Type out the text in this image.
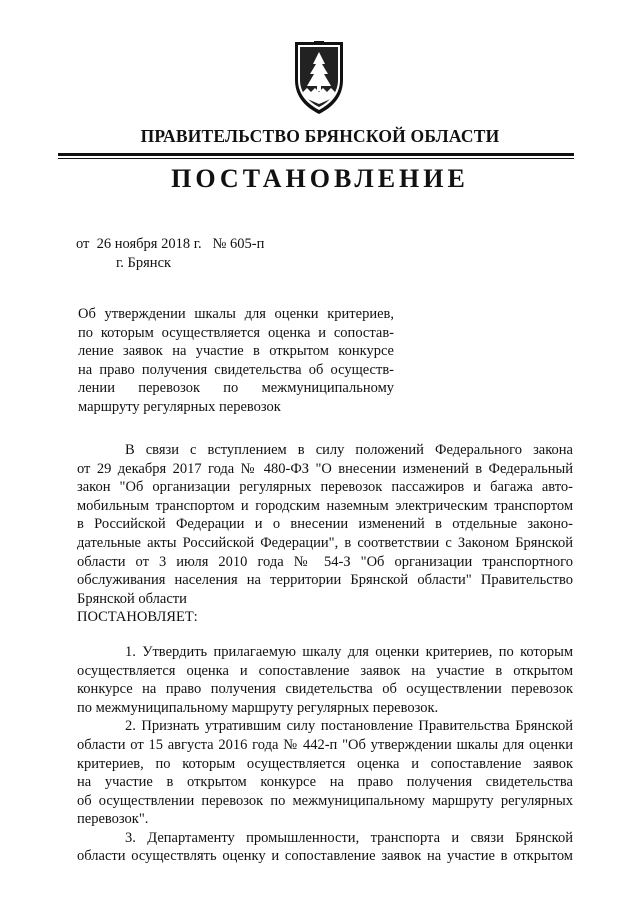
ПРАВИТЕЛЬСТВО БРЯНСКОЙ ОБЛАСТИ
ПОСТАНОВЛЕНИЕ
от 26 ноября 2018 г. № 605-п
г. Брянск
Об утверждении шкалы для оценки критериев,
по которым осуществляется оценка и сопостав-
ление заявок на участие в открытом конкурсе
на право получения свидетельства об осуществ-
лении перевозок по межмуниципальному
маршруту регулярных перевозок
В связи с вступлением в силу положений Федерального закона
от 29 декабря 2017 года № 480-ФЗ "О внесении изменений в Федеральный
закон "Об организации регулярных перевозок пассажиров и багажа авто-
мобильным транспортом и городским наземным электрическим транспортом
в Российской Федерации и о внесении изменений в отдельные законо-
дательные акты Российской Федерации", в соответствии с Законом Брянской
области от 3 июля 2010 года № 54-З "Об организации транспортного
обслуживания населения на территории Брянской области" Правительство
Брянской области
ПОСТАНОВЛЯЕТ:
1. Утвердить прилагаемую шкалу для оценки критериев, по которым
осуществляется оценка и сопоставление заявок на участие в открытом
конкурсе на право получения свидетельства об осуществлении перевозок
по межмуниципальному маршруту регулярных перевозок.
2. Признать утратившим силу постановление Правительства Брянской
области от 15 августа 2016 года № 442-п "Об утверждении шкалы для оценки
критериев, по которым осуществляется оценка и сопоставление заявок
на участие в открытом конкурсе на право получения свидетельства
об осуществлении перевозок по межмуниципальному маршруту регулярных
перевозок".
3. Департаменту промышленности, транспорта и связи Брянской
области осуществлять оценку и сопоставление заявок на участие в открытом
